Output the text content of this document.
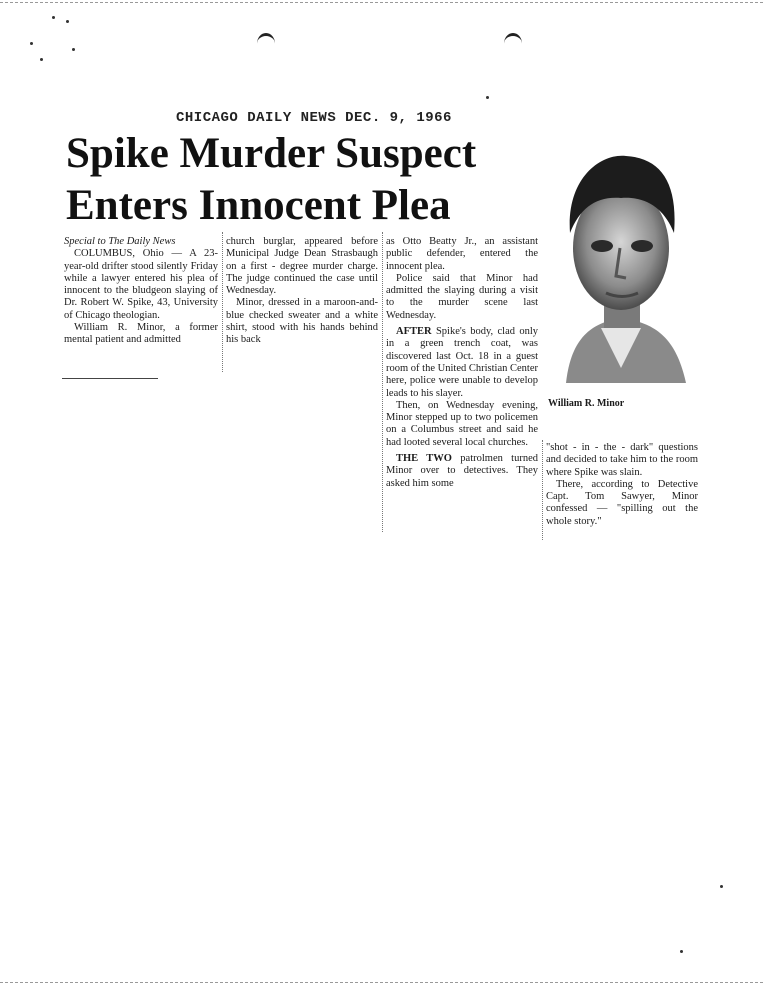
CHICAGO DAILY NEWS DEC. 9, 1966
Spike Murder Suspect
Enters Innocent Plea
William R. Minor

Special to The Daily News

COLUMBUS, Ohio — A 23-year-old drifter stood silently Friday while a lawyer entered his plea of innocent to the bludgeon slaying of Dr. Robert W. Spike, 43, University of Chicago theologian.

William R. Minor, a former mental patient and admitted

church burglar, appeared before Municipal Judge Dean Strasbaugh on a first - degree murder charge. The judge continued the case until Wednesday.

Minor, dressed in a maroon-and-blue checked sweater and a white shirt, stood with his hands behind his back

as Otto Beatty Jr., an assistant public defender, entered the innocent plea.

Police said that Minor had admitted the slaying during a visit to the murder scene last Wednesday.

AFTER Spike's body, clad only in a green trench coat, was discovered last Oct. 18 in a guest room of the United Christian Center here, police were unable to develop leads to his slayer.

Then, on Wednesday evening, Minor stepped up to two policemen on a Columbus street and said he had looted several local churches.

THE TWO patrolmen turned Minor over to detectives. They asked him some

"shot - in - the - dark" questions and decided to take him to the room where Spike was slain.

There, according to Detective Capt. Tom Sawyer, Minor confessed — "spilling out the whole story."
